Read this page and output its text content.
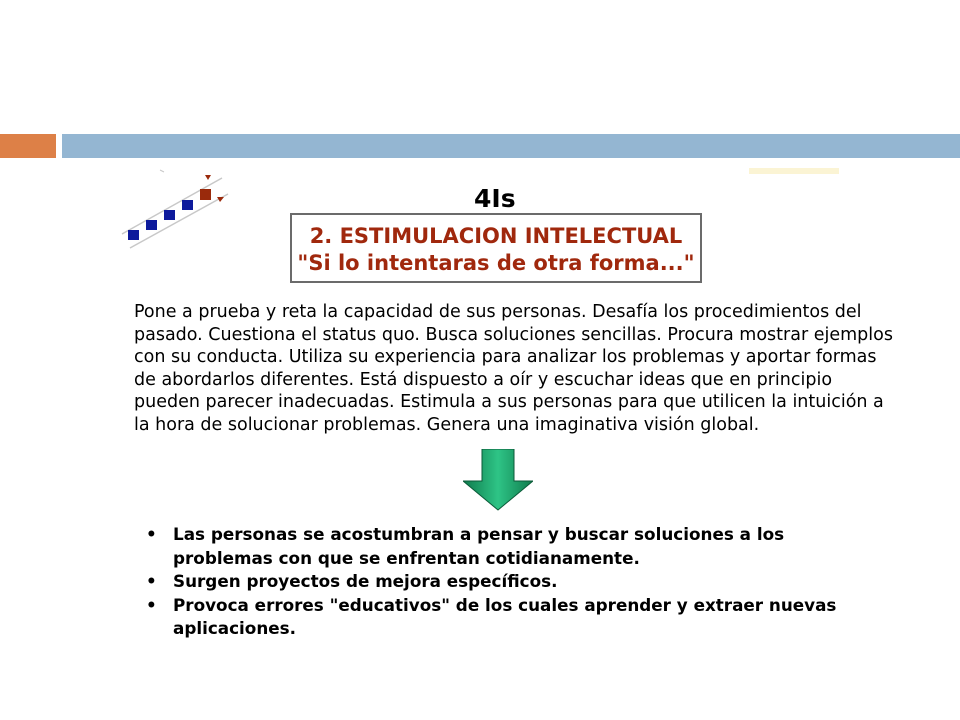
4Is
2. ESTIMULACION INTELECTUAL
"Si lo intentaras de otra forma..."

Pone a prueba y reta la capacidad de sus personas. Desafía los procedimientos del pasado. Cuestiona el status quo. Busca soluciones sencillas. Procura mostrar ejemplos con su conducta. Utiliza su experiencia para analizar los problemas y aportar formas de abordarlos diferentes. Está dispuesto a oír y escuchar ideas que en principio pueden parecer inadecuadas. Estimula a sus personas para que utilicen la intuición a la hora de solucionar problemas. Genera una imaginativa visión global.

• Las personas se acostumbran a pensar y buscar soluciones a los problemas con que se enfrentan cotidianamente.
• Surgen proyectos de mejora específicos.
• Provoca errores "educativos" de los cuales aprender y extraer nuevas aplicaciones.
